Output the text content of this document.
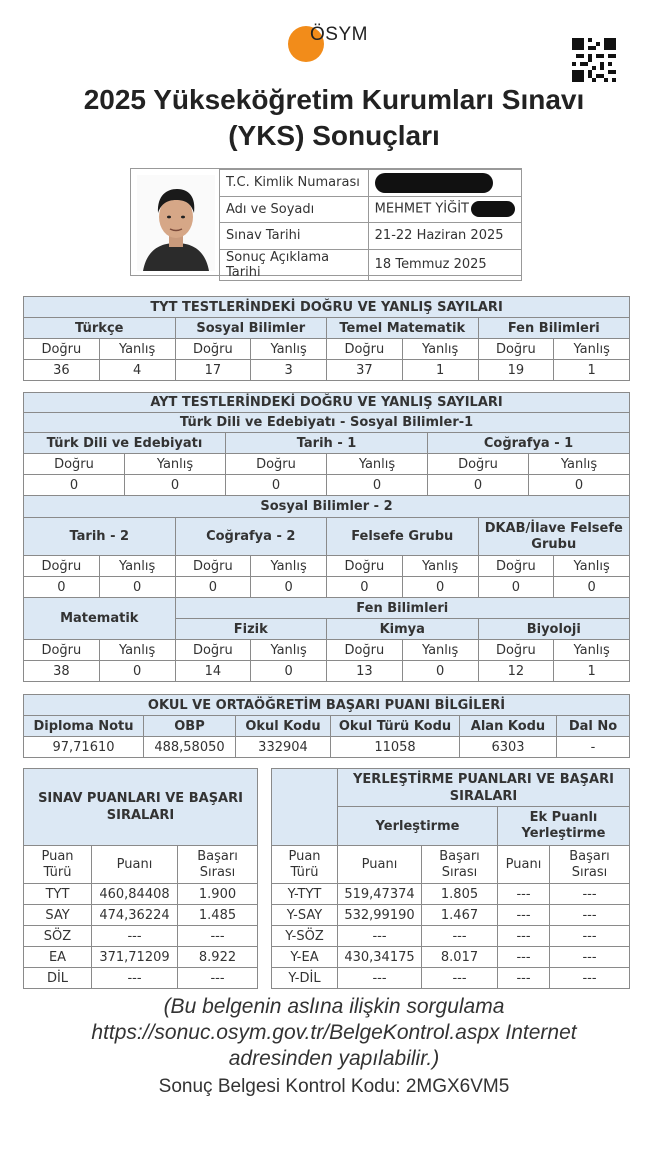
ÖSYM
2025 Yükseköğretim Kurumları Sınavı
(YKS) Sonuçları
T.C. Kimlik Numarası	
Adı ve Soyadı	MEHMET YİĞİT
Sınav Tarihi	21-22 Haziran 2025
Sonuç Açıklama Tarihi	18 Temmuz 2025
TYT TESTLERİNDEKİ DOĞRU VE YANLIŞ SAYILARI							
Türkçe		Sosyal Bilimler		Temel Matematik		Fen Bilimleri	
Doğru	Yanlış	Doğru	Yanlış	Doğru	Yanlış	Doğru	Yanlış
36	4	17	3	37	1	19	1
AYT TESTLERİNDEKİ DOĞRU VE YANLIŞ SAYILARI					
Türk Dili ve Edebiyatı - Sosyal Bilimler-1					
Türk Dili ve Edebiyatı		Tarih - 1		Coğrafya - 1	
Doğru	Yanlış	Doğru	Yanlış	Doğru	Yanlış
0	0	0	0	0	0
Sosyal Bilimler - 2							
Tarih - 2		Coğrafya - 2		Felsefe Grubu		DKAB/İlave Felsefe Grubu	
Doğru	Yanlış	Doğru	Yanlış	Doğru	Yanlış	Doğru	Yanlış
0	0	0	0	0	0	0	0
Matematik		Fen Bilimleri					
		Fizik		Kimya		Biyoloji	
Doğru	Yanlış	Doğru	Yanlış	Doğru	Yanlış	Doğru	Yanlış
38	0	14	0	13	0	12	1
OKUL VE ORTAÖĞRETİM BAŞARI PUANI BİLGİLERİ					
Diploma Notu	OBP	Okul Kodu	Okul Türü Kodu	Alan Kodu	Dal No
97,71610	488,58050	332904	11058	6303	-
SINAV PUANLARI VE BAŞARI SIRALARI		
Puan Türü	Puanı	Başarı Sırası
TYT	460,84408	1.900
SAY	474,36224	1.485
SÖZ	---	---
EA	371,71209	8.922
DİL	---	---
	YERLEŞTİRME PUANLARI VE BAŞARI SIRALARI			
	Yerleştirme		Ek Puanlı Yerleştirme	
Puan Türü	Puanı	Başarı Sırası	Puanı	Başarı Sırası
Y-TYT	519,47374	1.805	---	---
Y-SAY	532,99190	1.467	---	---
Y-SÖZ	---	---	---	---
Y-EA	430,34175	8.017	---	---
Y-DİL	---	---	---	---
(Bu belgenin aslına ilişkin sorgulama
https://sonuc.osym.gov.tr/BelgeKontrol.aspx Internet
adresinden yapılabilir.)
Sonuç Belgesi Kontrol Kodu: 2MGX6VM5
